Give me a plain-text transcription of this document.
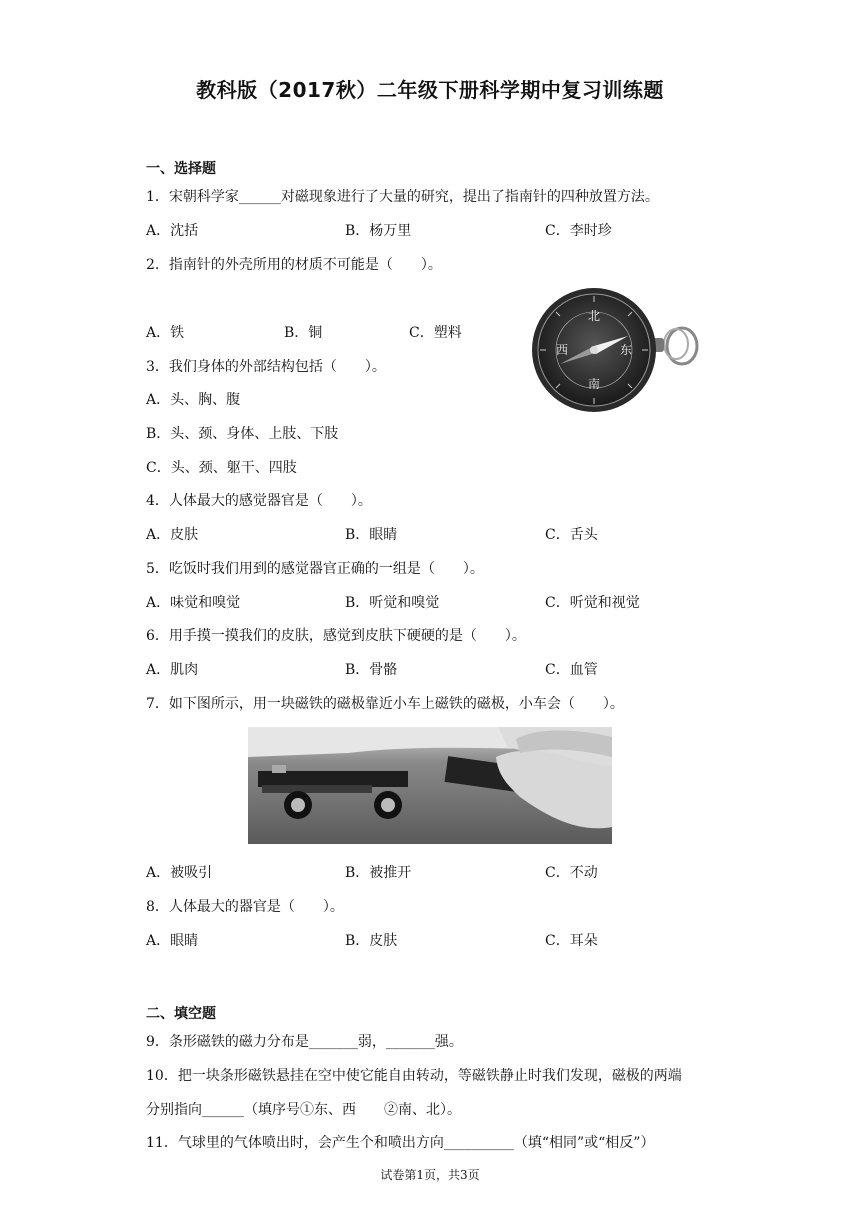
教科版（2017秋）二年级下册科学期中复习训练题
一、选择题
1．宋朝科学家______对磁现象进行了大量的研究，提出了指南针的四种放置方法。
A．沈括	B．杨万里	C．李时珍
2．指南针的外壳所用的材质不可能是（　　）。
A．铁	B．铜	C．塑料
北
南
东
西
3．我们身体的外部结构包括（　　）。
A．头、胸、腹
B．头、颈、身体、上肢、下肢
C．头、颈、躯干、四肢
4．人体最大的感觉器官是（　　）。
A．皮肤	B．眼睛	C．舌头
5．吃饭时我们用到的感觉器官正确的一组是（　　）。
A．味觉和嗅觉	B．听觉和嗅觉	C．听觉和视觉
6．用手摸一摸我们的皮肤，感觉到皮肤下硬硬的是（　　）。
A．肌肉	B．骨骼	C．血管
7．如下图所示，用一块磁铁的磁极靠近小车上磁铁的磁极，小车会（　　）。
A．被吸引	B．被推开	C．不动
8．人体最大的器官是（　　）。
A．眼睛	B．皮肤	C．耳朵
二、填空题
9．条形磁铁的磁力分布是_______弱，_______强。
10．把一块条形磁铁悬挂在空中使它能自由转动，等磁铁静止时我们发现，磁极的两端
分别指向______（填序号①东、西　　②南、北）。
11．气球里的气体喷出时，会产生个和喷出方向__________（填“相同”或“相反”）
试卷第1页，共3页
